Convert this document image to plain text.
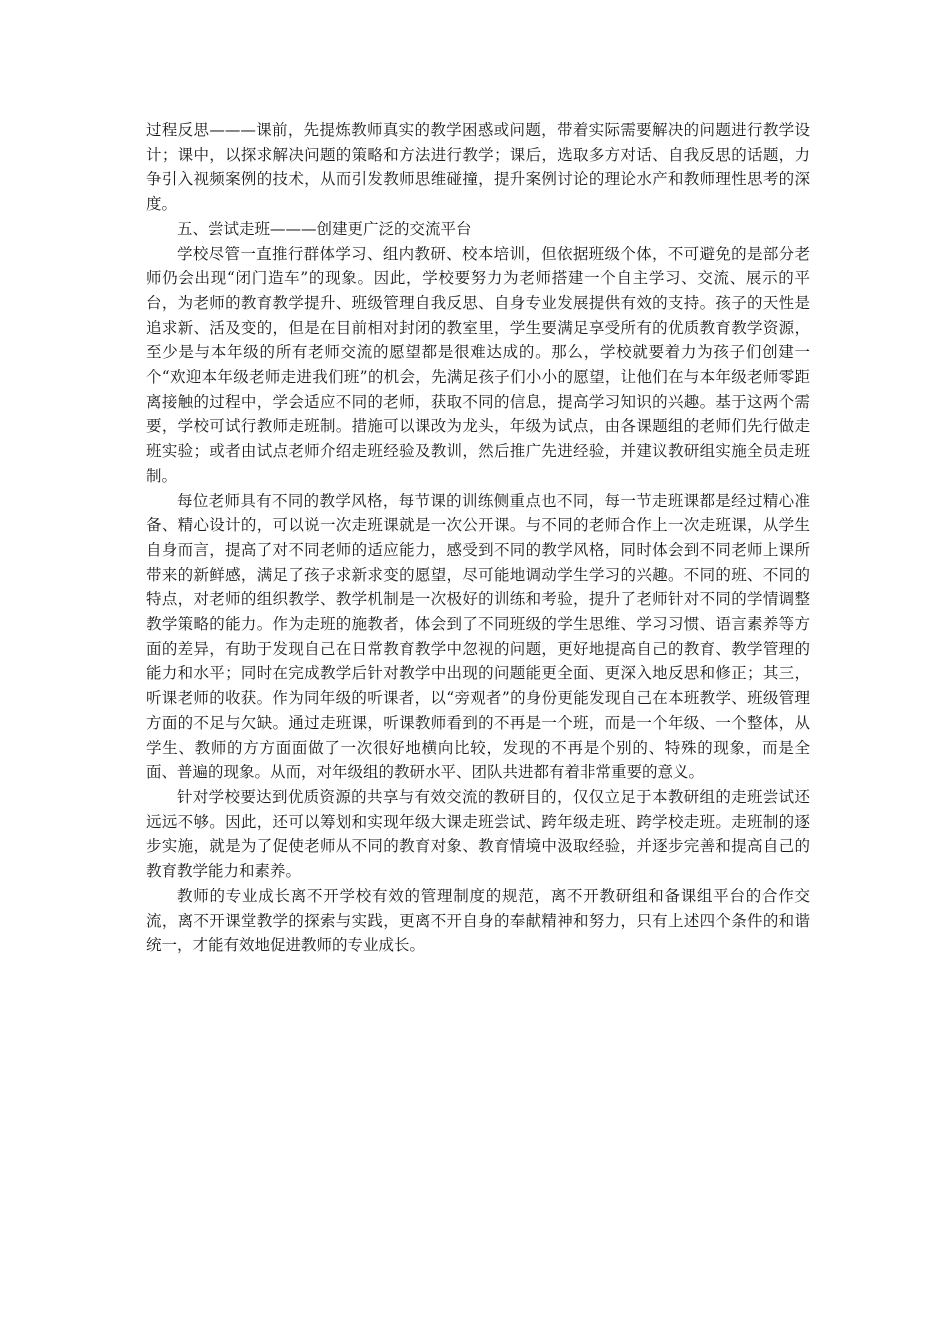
过程反思———课前，先提炼教师真实的教学困惑或问题，带着实际需要解决的问题进行教学设计；课中，以探求解决问题的策略和方法进行教学；课后，选取多方对话、自我反思的话题，力争引入视频案例的技术，从而引发教师思维碰撞，提升案例讨论的理论水产和教师理性思考的深度。

五、尝试走班———创建更广泛的交流平台

学校尽管一直推行群体学习、组内教研、校本培训，但依据班级个体，不可避免的是部分老师仍会出现“闭门造车”的现象。因此，学校要努力为老师搭建一个自主学习、交流、展示的平台，为老师的教育教学提升、班级管理自我反思、自身专业发展提供有效的支持。孩子的天性是追求新、活及变的，但是在目前相对封闭的教室里，学生要满足享受所有的优质教育教学资源，至少是与本年级的所有老师交流的愿望都是很难达成的。那么，学校就要着力为孩子们创建一个“欢迎本年级老师走进我们班”的机会，先满足孩子们小小的愿望，让他们在与本年级老师零距离接触的过程中，学会适应不同的老师，获取不同的信息，提高学习知识的兴趣。基于这两个需要，学校可试行教师走班制。措施可以课改为龙头，年级为试点，由各课题组的老师们先行做走班实验；或者由试点老师介绍走班经验及教训，然后推广先进经验，并建议教研组实施全员走班制。

每位老师具有不同的教学风格，每节课的训练侧重点也不同，每一节走班课都是经过精心准备、精心设计的，可以说一次走班课就是一次公开课。与不同的老师合作上一次走班课，从学生自身而言，提高了对不同老师的适应能力，感受到不同的教学风格，同时体会到不同老师上课所带来的新鲜感，满足了孩子求新求变的愿望，尽可能地调动学生学习的兴趣。不同的班、不同的特点，对老师的组织教学、教学机制是一次极好的训练和考验，提升了老师针对不同的学情调整教学策略的能力。作为走班的施教者，体会到了不同班级的学生思维、学习习惯、语言素养等方面的差异，有助于发现自己在日常教育教学中忽视的问题，更好地提高自己的教育、教学管理的能力和水平；同时在完成教学后针对教学中出现的问题能更全面、更深入地反思和修正；其三，听课老师的收获。作为同年级的听课者，以“旁观者”的身份更能发现自己在本班教学、班级管理方面的不足与欠缺。通过走班课，听课教师看到的不再是一个班，而是一个年级、一个整体，从学生、教师的方方面面做了一次很好地横向比较，发现的不再是个别的、特殊的现象，而是全面、普遍的现象。从而，对年级组的教研水平、团队共进都有着非常重要的意义。

针对学校要达到优质资源的共享与有效交流的教研目的，仅仅立足于本教研组的走班尝试还远远不够。因此，还可以筹划和实现年级大课走班尝试、跨年级走班、跨学校走班。走班制的逐步实施，就是为了促使老师从不同的教育对象、教育情境中汲取经验，并逐步完善和提高自己的教育教学能力和素养。

教师的专业成长离不开学校有效的管理制度的规范，离不开教研组和备课组平台的合作交流，离不开课堂教学的探索与实践，更离不开自身的奉献精神和努力，只有上述四个条件的和谐统一，才能有效地促进教师的专业成长。
